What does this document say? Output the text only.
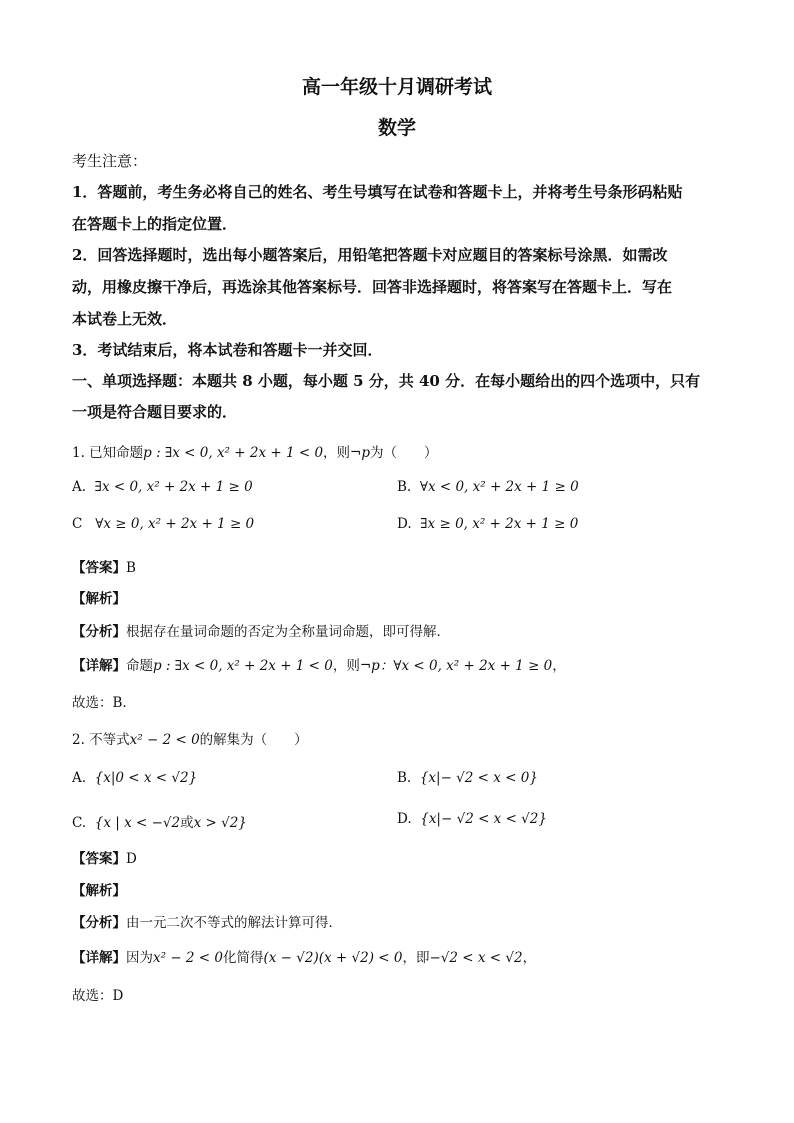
高一年级十月调研考试
数学
考生注意：
1．答题前，考生务必将自己的姓名、考生号填写在试卷和答题卡上，并将考生号条形码粘贴
在答题卡上的指定位置．
2．回答选择题时，选出每小题答案后，用铅笔把答题卡对应题目的答案标号涂黑．如需改
动，用橡皮擦干净后，再选涂其他答案标号．回答非选择题时，将答案写在答题卡上．写在
本试卷上无效．
3．考试结束后，将本试卷和答题卡一并交回．
一、单项选择题：本题共 8 小题，每小题 5 分，共 40 分．在每小题给出的四个选项中，只有
一项是符合题目要求的．
1. 已知命题p : ∃x < 0, x² + 2x + 1 < 0，则¬p为（　　）
A. ∃x < 0, x² + 2x + 1 ≥ 0	B. ∀x < 0, x² + 2x + 1 ≥ 0
C ∀x ≥ 0, x² + 2x + 1 ≥ 0	D. ∃x ≥ 0, x² + 2x + 1 ≥ 0
【答案】B
【解析】
【分析】根据存在量词命题的否定为全称量词命题，即可得解．
【详解】命题p : ∃x < 0, x² + 2x + 1 < 0，则¬p：∀x < 0, x² + 2x + 1 ≥ 0，
故选：B.
2. 不等式x² − 2 < 0的解集为（　　）
A. {x|0 < x < √2}	B. {x|− √2 < x < 0}
C. {x | x < −√2或x > √2}	D. {x|− √2 < x < √2}
【答案】D
【解析】
【分析】由一元二次不等式的解法计算可得．
【详解】因为x² − 2 < 0化简得(x − √2)(x + √2) < 0，即−√2 < x < √2，
故选：D
